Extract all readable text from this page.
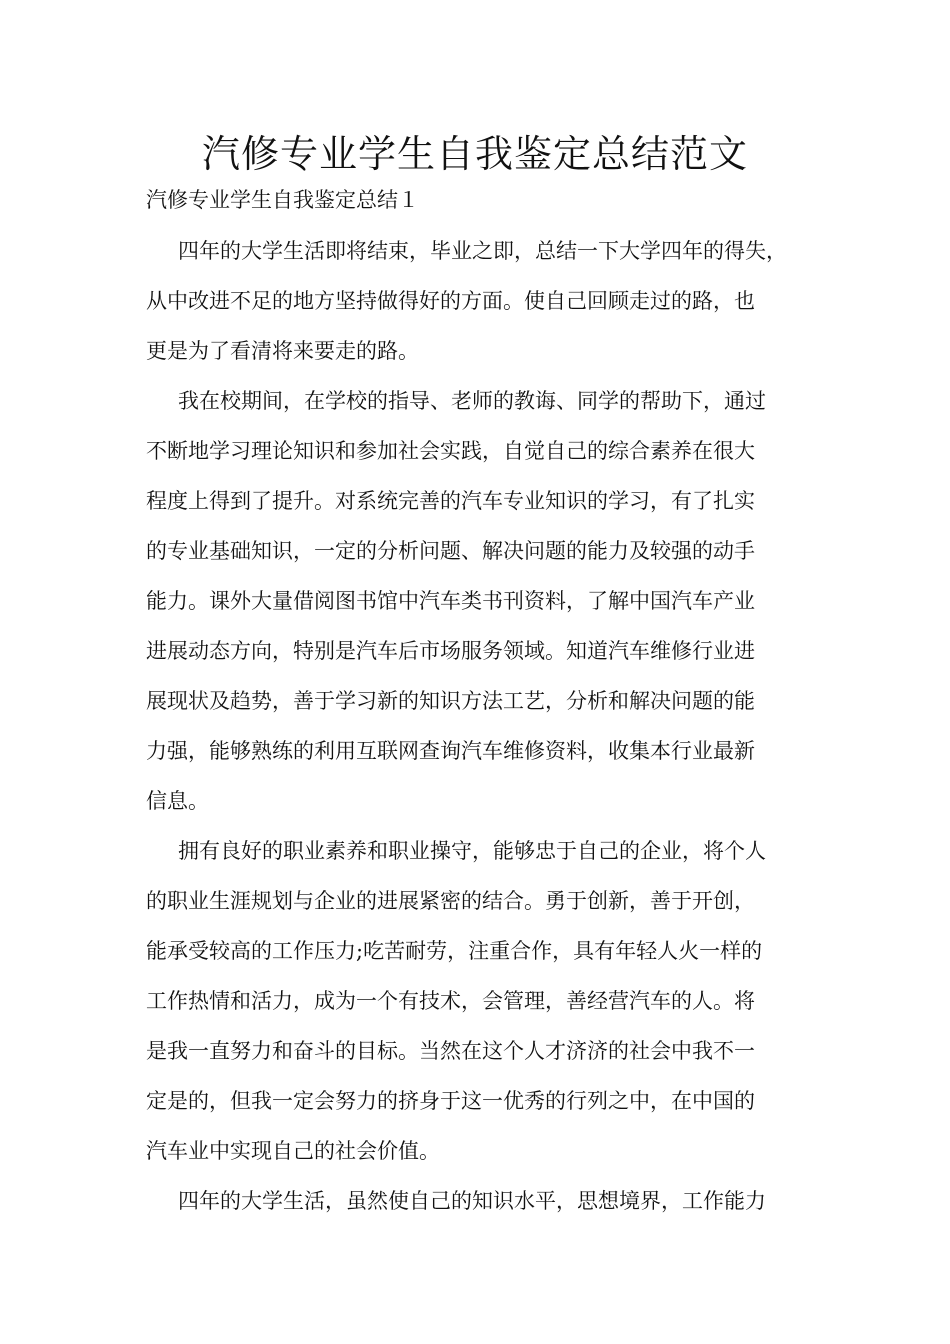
汽修专业学生自我鉴定总结范文
汽修专业学生自我鉴定总结１

四年的大学生活即将结束，毕业之即，总结一下大学四年的得失，
从中改进不足的地方坚持做得好的方面。使自己回顾走过的路，也
更是为了看清将来要走的路。

我在校期间，在学校的指导、老师的教诲、同学的帮助下，通过
不断地学习理论知识和参加社会实践，自觉自己的综合素养在很大
程度上得到了提升。对系统完善的汽车专业知识的学习，有了扎实
的专业基础知识，一定的分析问题、解决问题的能力及较强的动手
能力。课外大量借阅图书馆中汽车类书刊资料，了解中国汽车产业
进展动态方向，特别是汽车后市场服务领域。知道汽车维修行业进
展现状及趋势，善于学习新的知识方法工艺，分析和解决问题的能
力强，能够熟练的利用互联网查询汽车维修资料，收集本行业最新
信息。

拥有良好的职业素养和职业操守，能够忠于自己的企业，将个人
的职业生涯规划与企业的进展紧密的结合。勇于创新，善于开创，
能承受较高的工作压力;吃苦耐劳，注重合作，具有年轻人火一样的
工作热情和活力，成为一个有技术，会管理，善经营汽车的人。将
是我一直努力和奋斗的目标。当然在这个人才济济的社会中我不一
定是的，但我一定会努力的挤身于这一优秀的行列之中，在中国的
汽车业中实现自己的社会价值。

四年的大学生活，虽然使自己的知识水平，思想境界，工作能力
